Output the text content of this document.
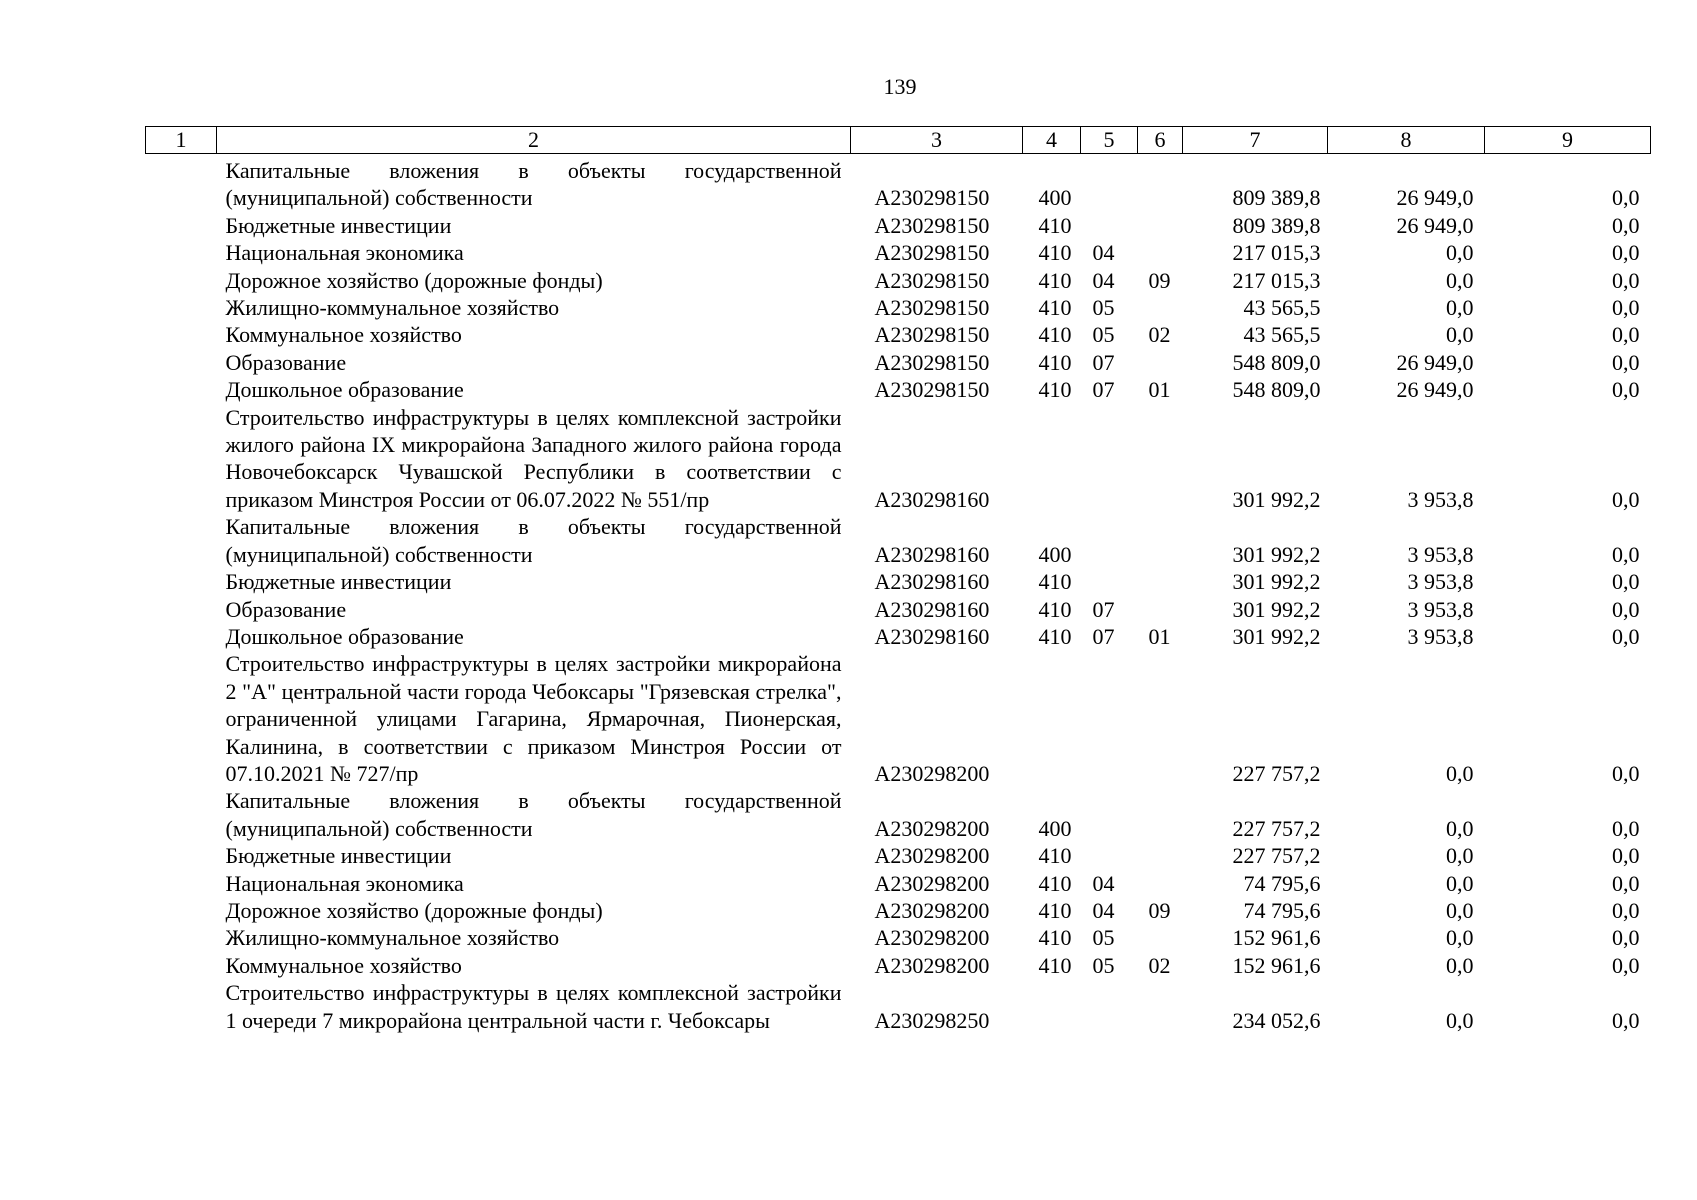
139
1	2	3	4	5	6	7	8	9

	Капитальные вложения в объекты государственной (муниципальной) собственности	А230298150	400			809 389,8	26 949,0	0,0

	Бюджетные инвестиции	А230298150	410			809 389,8	26 949,0	0,0

	Национальная экономика	А230298150	410	04		217 015,3	0,0	0,0

	Дорожное хозяйство (дорожные фонды)	А230298150	410	04	09	217 015,3	0,0	0,0

	Жилищно-коммунальное хозяйство	А230298150	410	05		43 565,5	0,0	0,0

	Коммунальное хозяйство	А230298150	410	05	02	43 565,5	0,0	0,0

	Образование	А230298150	410	07		548 809,0	26 949,0	0,0

	Дошкольное образование	А230298150	410	07	01	548 809,0	26 949,0	0,0

	Строительство инфраструктуры в целях комплексной застройки жилого района IX микрорайона Западного жилого района города Новочебоксарск Чувашской Республики в соответствии с приказом Минстроя России от 06.07.2022 № 551/пр	А230298160				301 992,2	3 953,8	0,0

	Капитальные вложения в объекты государственной (муниципальной) собственности	А230298160	400			301 992,2	3 953,8	0,0

	Бюджетные инвестиции	А230298160	410			301 992,2	3 953,8	0,0

	Образование	А230298160	410	07		301 992,2	3 953,8	0,0

	Дошкольное образование	А230298160	410	07	01	301 992,2	3 953,8	0,0

	Строительство инфраструктуры в целях застройки микрорайона 2 "А" центральной части города Чебоксары "Грязевская стрелка", ограниченной улицами Гагарина, Ярмарочная, Пионерская, Калинина, в соответствии с приказом Минстроя России от 07.10.2021 № 727/пр	А230298200				227 757,2	0,0	0,0

	Капитальные вложения в объекты государственной (муниципальной) собственности	А230298200	400			227 757,2	0,0	0,0

	Бюджетные инвестиции	А230298200	410			227 757,2	0,0	0,0

	Национальная экономика	А230298200	410	04		74 795,6	0,0	0,0

	Дорожное хозяйство (дорожные фонды)	А230298200	410	04	09	74 795,6	0,0	0,0

	Жилищно-коммунальное хозяйство	А230298200	410	05		152 961,6	0,0	0,0

	Коммунальное хозяйство	А230298200	410	05	02	152 961,6	0,0	0,0

	Строительство инфраструктуры в целях комплексной застройки 1 очереди 7 микрорайона центральной части г. Чебоксары	А230298250				234 052,6	0,0	0,0
